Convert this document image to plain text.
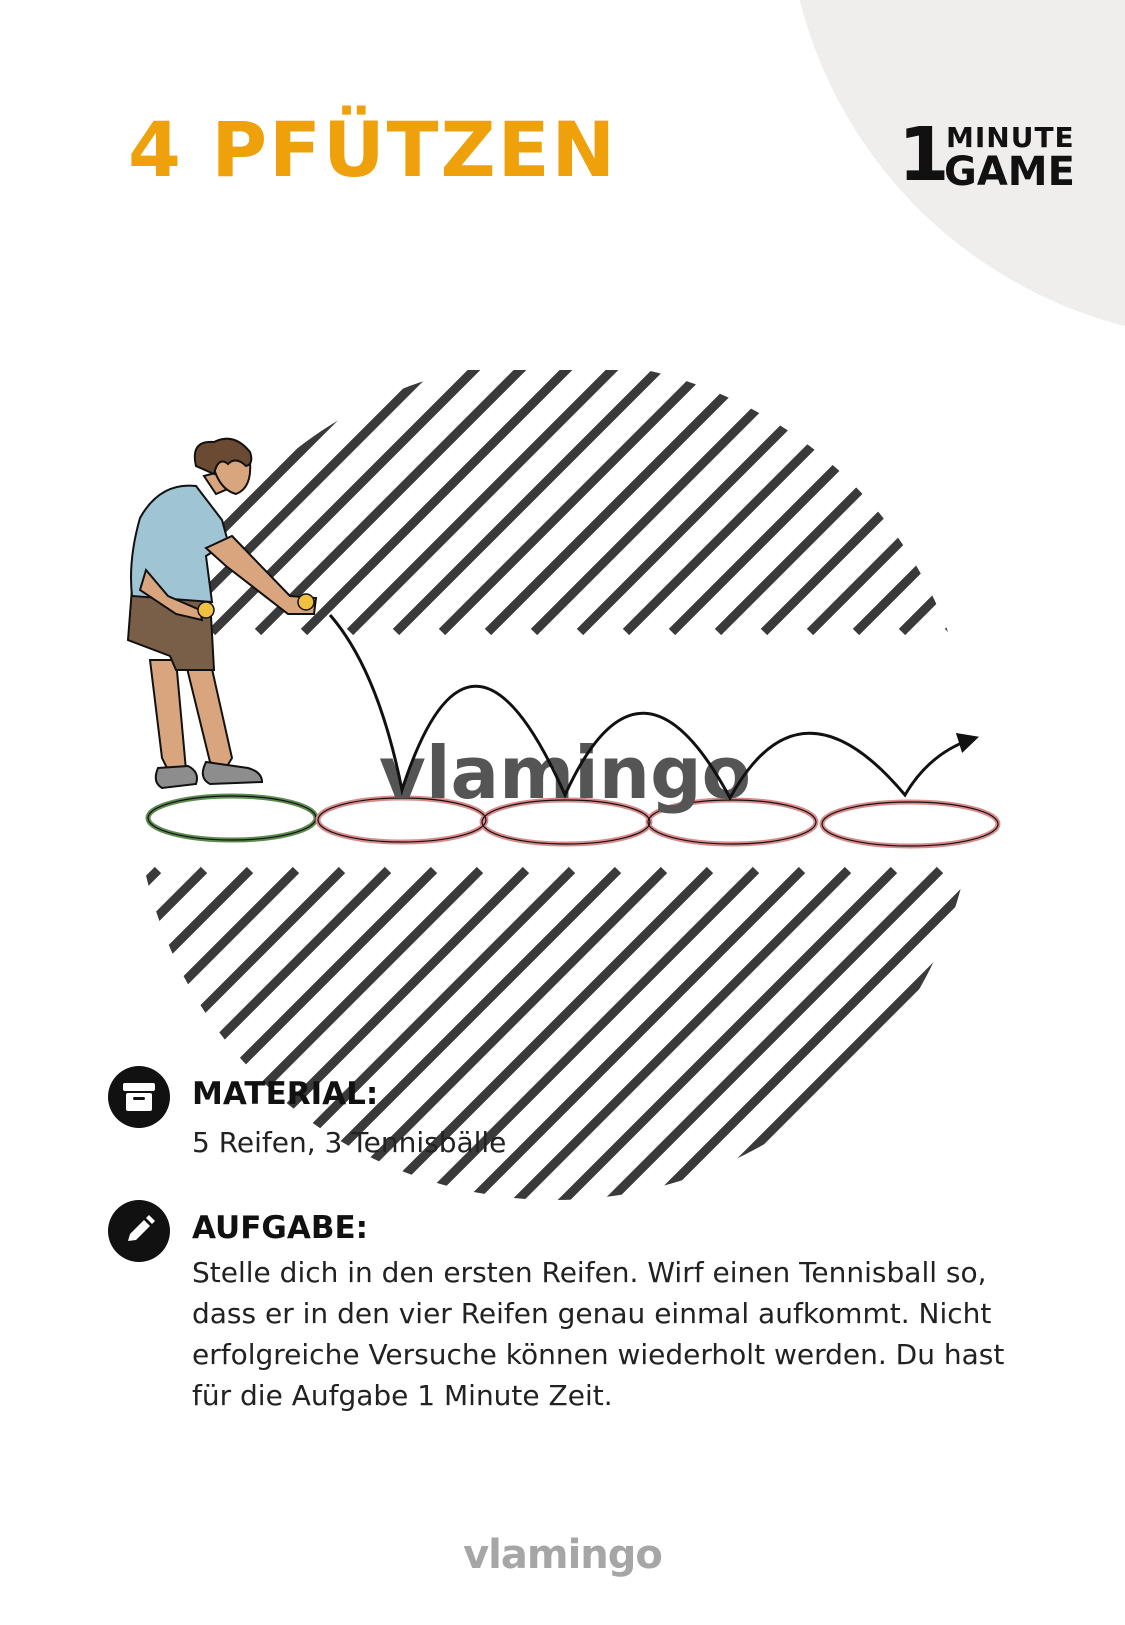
4 PFÜTZEN	1
MINUTE
GAME
vlamingo
MATERIAL:

5 Reifen, 3 Tennisbälle

AUFGABE:

Stelle dich in den ersten Reifen. Wirf einen Tennisball so,
dass er in den vier Reifen genau einmal aufkommt. Nicht
erfolgreiche Versuche können wiederholt werden. Du hast
für die Aufgabe 1 Minute Zeit.

vlamingo
